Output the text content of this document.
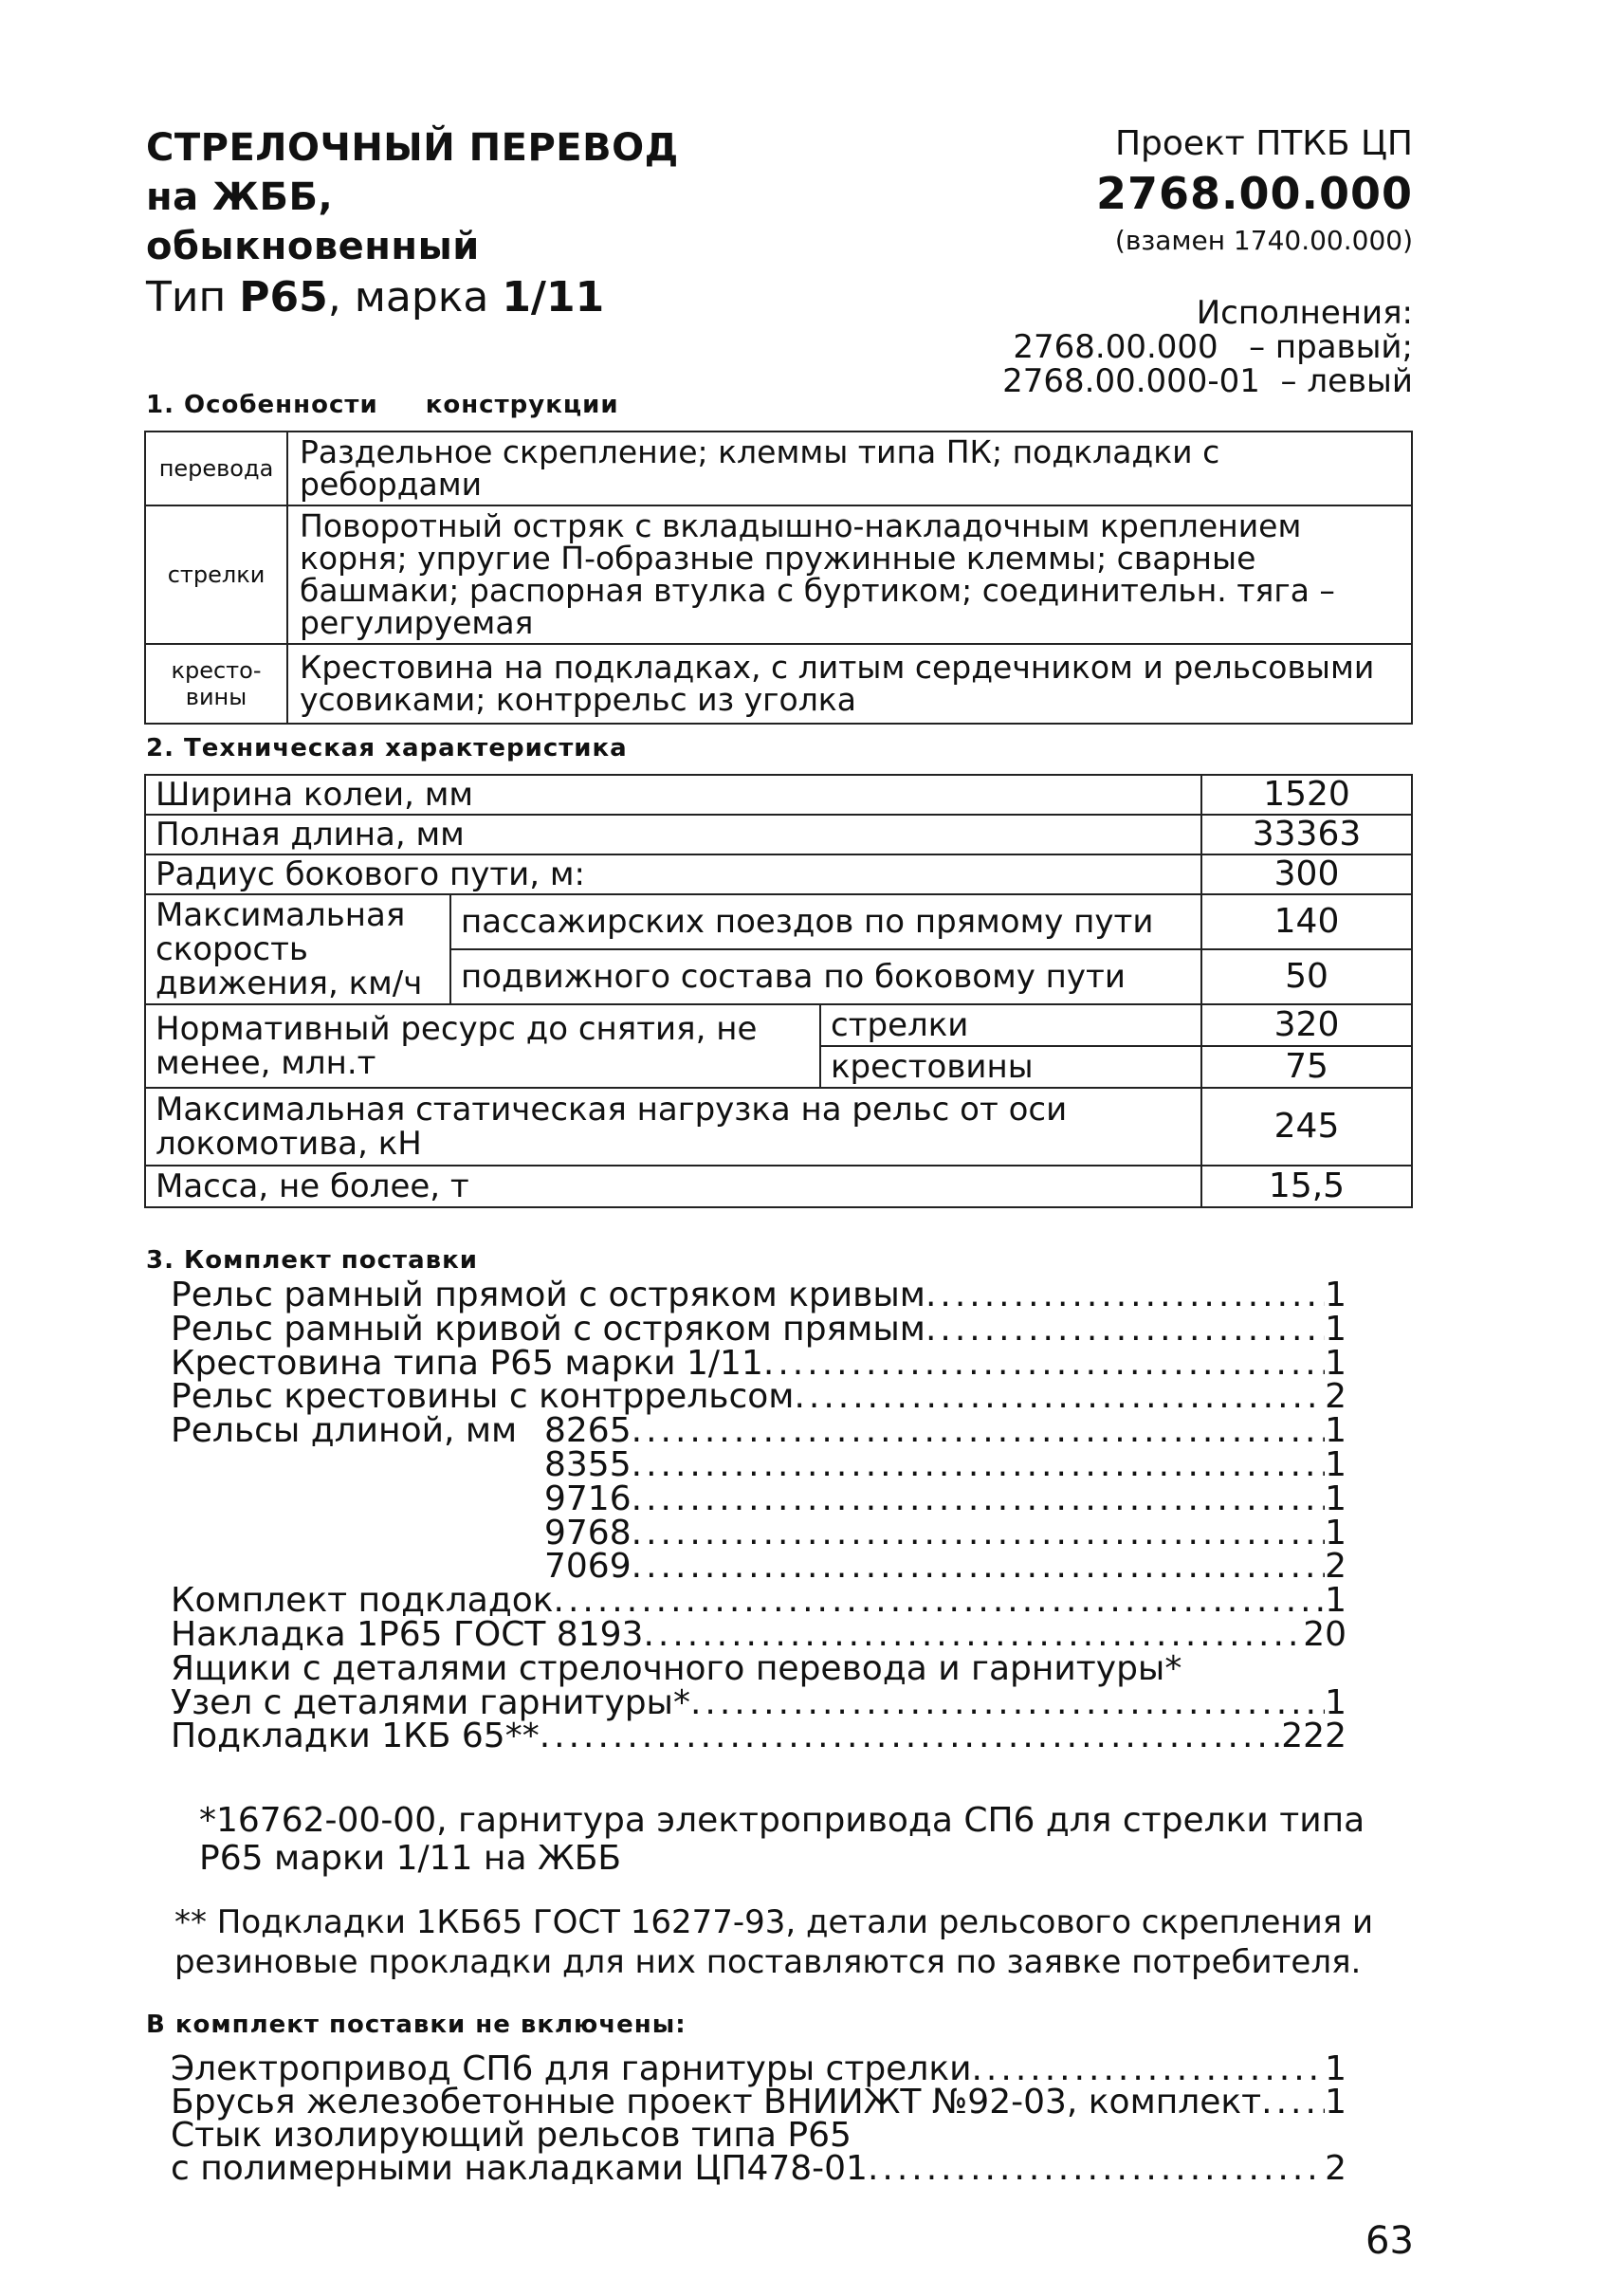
СТРЕЛОЧНЫЙ ПЕРЕВОД
на ЖББ,
обыкновенный
Тип Р65, марка 1/11
Проект ПТКБ ЦП
2768.00.000
(взамен 1740.00.000)
Исполнения:
2768.00.000   – правый;
2768.00.000-01  – левый
1. Особенности конструкции
перевода	Раздельное скрепление; клеммы типа ПК; подкладки с ребордами
стрелки	Поворотный остряк с вкладышно-накладочным креплением корня; упругие П-образные пружинные клеммы; сварные башмаки; распорная втулка с буртиком; соединительн. тяга – регулируемая
кресто-вины	Крестовина на подкладках, с литым сердечником и рельсовыми усовиками; контррельс из уголка
2. Техническая характеристика
Ширина колеи, мм			1520
Полная длина, мм			33363
Радиус бокового пути, м:			300
Максимальная скорость движения, км/ч	пассажирских поездов по прямому пути		140
	подвижного состава по боковому пути		50
Нормативный ресурс до снятия, не менее, млн.т		стрелки	320
		крестовины	75
Максимальная статическая нагрузка на рельс от оси локомотива, кН			245
Масса, не более, т			15,5
3. Комплект поставки
Рельс рамный прямой с остряком кривым .....	1
Рельс рамный кривой с остряком прямым .....	1
Крестовина типа Р65 марки 1/11 .....	1
Рельс крестовины с контррельсом .....	2
Рельсы длиной, мм 8265 .....	1
8355 .....	1
9716 .....	1
9768 .....	1
7069 .....	2
Комплект подкладок .....	1
Накладка 1Р65 ГОСТ 8193 .....	20
Ящики с деталями стрелочного перевода и гарнитуры*
Узел с деталями гарнитуры* .....	1
Подкладки 1КБ 65** .....	222
*16762-00-00, гарнитура электропривода СП6 для стрелки типа Р65 марки 1/11 на ЖББ
** Подкладки 1КБ65 ГОСТ 16277-93, детали рельсового скрепления и резиновые прокладки для них поставляются по заявке потребителя.
В комплект поставки не включены:
Электропривод СП6 для гарнитуры стрелки .....	1
Брусья железобетонные проект ВНИИЖТ №92-03, комплект ..... 1
Стык изолирующий рельсов типа Р65
с полимерными накладками ЦП478-01 .....	2
63
